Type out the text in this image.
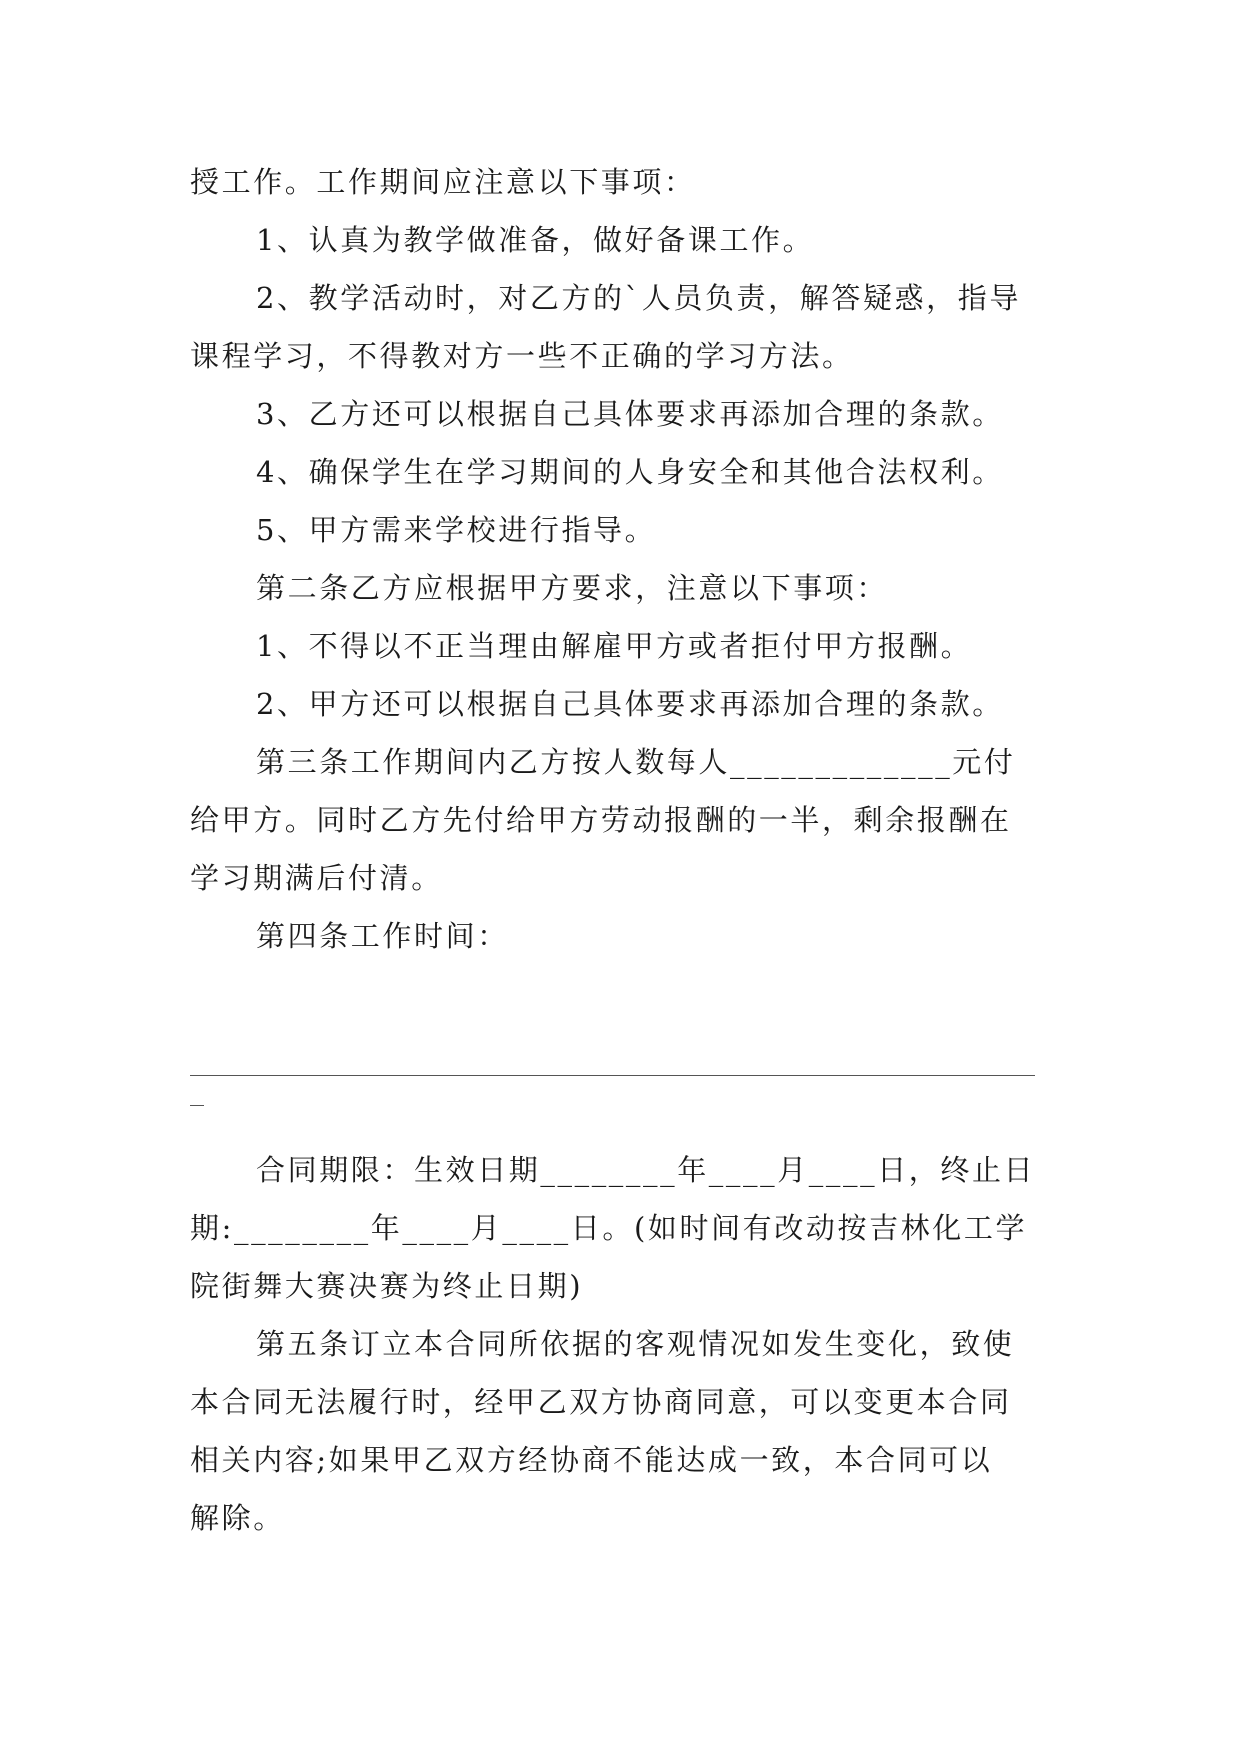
授工作。工作期间应注意以下事项：
1、认真为教学做准备，做好备课工作。
2、教学活动时，对乙方的`人员负责，解答疑惑，指导
课程学习，不得教对方一些不正确的学习方法。
3、乙方还可以根据自己具体要求再添加合理的条款。
4、确保学生在学习期间的人身安全和其他合法权利。
5、甲方需来学校进行指导。
第二条乙方应根据甲方要求，注意以下事项：
1、不得以不正当理由解雇甲方或者拒付甲方报酬。
2、甲方还可以根据自己具体要求再添加合理的条款。
第三条工作期间内乙方按人数每人_____________元付
给甲方。同时乙方先付给甲方劳动报酬的一半，剩余报酬在
学习期满后付清。
第四条工作时间：
合同期限：生效日期________年____月____日，终止日
期:________年____月____日。(如时间有改动按吉林化工学
院街舞大赛决赛为终止日期)
第五条订立本合同所依据的客观情况如发生变化，致使
本合同无法履行时，经甲乙双方协商同意，可以变更本合同
相关内容;如果甲乙双方经协商不能达成一致，本合同可以
解除。
